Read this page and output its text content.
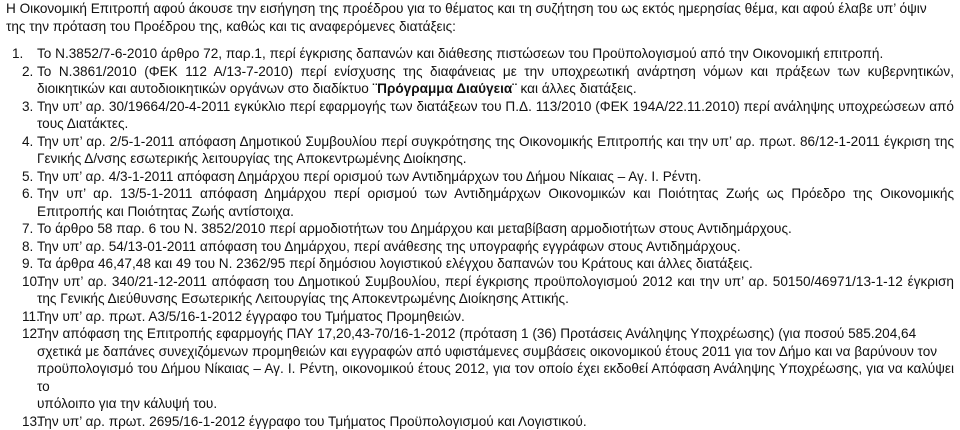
Η Οικονομική Επιτροπή αφού άκουσε την εισήγηση της προέδρου για το θέματος και τη συζήτηση του ως εκτός ημερησίας θέμα, και αφού έλαβε υπ’ όψιν
της την πρόταση του Προέδρου της, καθώς και τις αναφερόμενες διατάξεις:

1.	Το Ν.3852/7-6-2010 άρθρο 72, παρ.1, περί έγκρισης δαπανών και διάθεσης πιστώσεων του Προϋπολογισμού από την Οικονομική επιτροπή.
2. Το Ν.3861/2010 (ΦΕΚ 112 Α/13-7-2010) περί ενίσχυσης της διαφάνειας με την υποχρεωτική ανάρτηση νόμων και πράξεων των κυβερνητικών, διοικητικών και αυτοδιοικητικών οργάνων στο διαδίκτυο ¨Πρόγραμμα Διαύγεια¨ και άλλες διατάξεις.
3. Την υπ’ αρ. 30/19664/20-4-2011 εγκύκλιο περί εφαρμογής των διατάξεων του Π.Δ. 113/2010 (ΦΕΚ 194Α/22.11.2010) περί ανάληψης υποχρεώσεων από τους Διατάκτες.
4. Την υπ’ αρ. 2/5-1-2011 απόφαση Δημοτικού Συμβουλίου περί συγκρότησης της Οικονομικής Επιτροπής και την υπ’ αρ. πρωτ. 86/12-1-2011 έγκριση της Γενικής Δ/νσης εσωτερικής λειτουργίας της Αποκεντρωμένης Διοίκησης.
5. Την υπ’ αρ. 4/3-1-2011 απόφαση Δημάρχου περί ορισμού των Αντιδημάρχων του Δήμου Νίκαιας – Αγ. Ι. Ρέντη.
6. Την υπ’ αρ. 13/5-1-2011 απόφαση Δημάρχου περί ορισμού των Αντιδημάρχων Οικονομικών και Ποιότητας Ζωής ως Πρόεδρο της Οικονομικής Επιτροπής και Ποιότητας Ζωής αντίστοιχα.
7. Το άρθρο 58 παρ. 6 του Ν. 3852/2010 περί αρμοδιοτήτων του Δημάρχου και μεταβίβαση αρμοδιοτήτων στους Αντιδημάρχους.
8. Την υπ’ αρ. 54/13-01-2011 απόφαση του Δημάρχου, περί ανάθεσης της υπογραφής εγγράφων στους Αντιδημάρχους.
9. Τα άρθρα 46,47,48 και 49 του Ν. 2362/95 περί δημόσιου λογιστικού ελέγχου δαπανών του Κράτους και άλλες διατάξεις.
10.
Την υπ’ αρ. 340/21-12-2011 απόφαση του Δημοτικού Συμβουλίου, περί έγκρισης προϋπολογισμού 2012 και την υπ’ αρ. 50150/46971/13-1-12 έγκριση της Γενικής Διεύθυνσης Εσωτερικής Λειτουργίας της Αποκεντρωμένης Διοίκησης Αττικής.
11.
Την υπ’ αρ. πρωτ. Α3/5/16-1-2012 έγγραφο του Τμήματος Προμηθειών.
12.
Την απόφαση της Επιτροπής εφαρμογής ΠΑΥ 17,20,43-70/16-1-2012 (πρόταση 1 (36) Προτάσεις Ανάληψης Υποχρέωσης) (για ποσού 585.204,64
σχετικά με δαπάνες συνεχιζόμενων προμηθειών και εγγραφών από υφιστάμενες συμβάσεις οικονομικού έτους 2011 για τον Δήμο και να βαρύνουν τον
προϋπολογισμό του Δήμου Νίκαιας – Αγ. Ι. Ρέντη, οικονομικού έτους 2012, για τον οποίο έχει εκδοθεί Απόφαση Ανάληψης Υποχρέωσης, για να καλύψει το
υπόλοιπο για την κάλυψή του.
13.
Την υπ’ αρ. πρωτ. 2695/16-1-2012 έγγραφο του Τμήματος Προϋπολογισμού και Λογιστικού.
